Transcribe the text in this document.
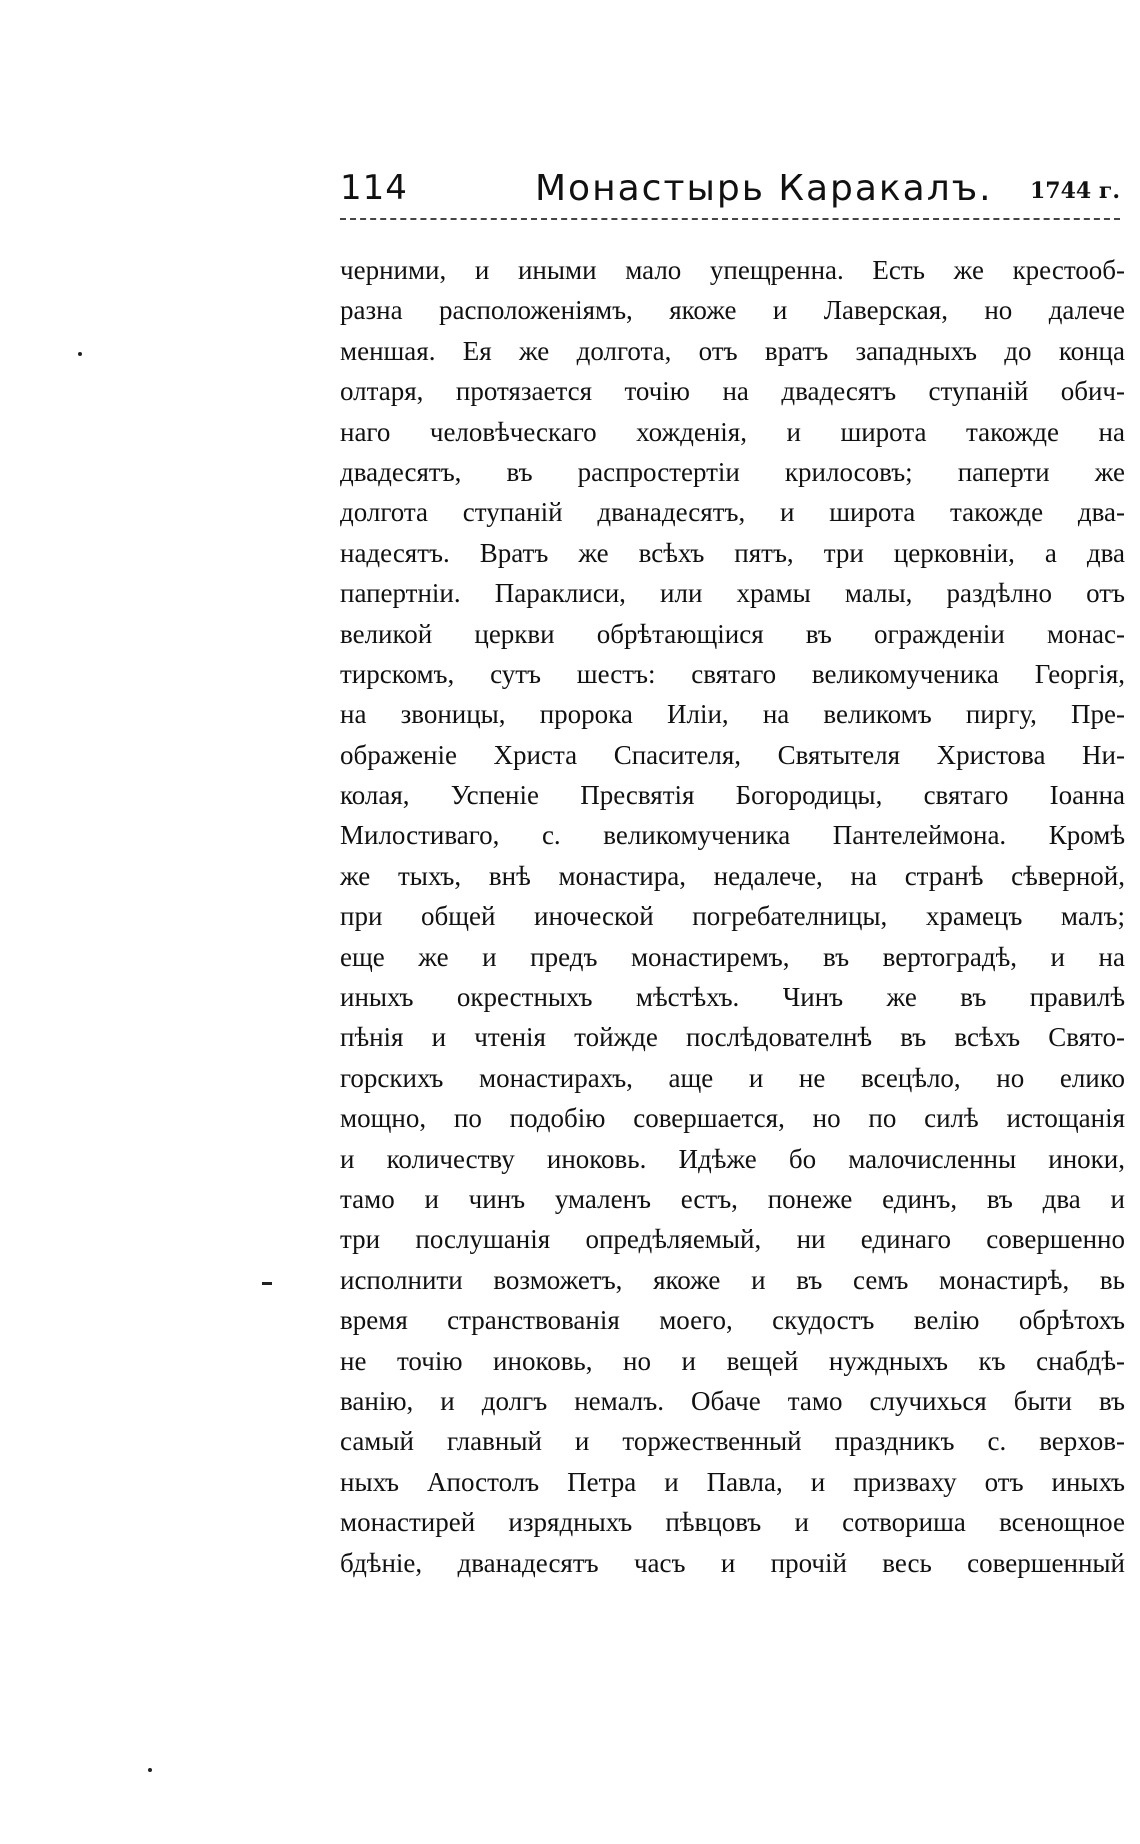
114	Монастырь Каракалъ. 1744 г.
черними, и иными мало упещренна. Есть же крестооб-
разна расположеніямъ, якоже и Лаверская, но далече
меншая. Ея же долгота, отъ вратъ западныхъ до конца
олтаря, протязается точію на двадесятъ ступаній обич-
наго человѣческаго хожденія, и широта такожде на
двадесятъ, въ распростертіи крилосовъ; паперти же
долгота ступаній дванадесятъ, и широта такожде два-
надесятъ. Вратъ же всѣхъ пятъ, три церковніи, а два
папертніи. Параклиси, или храмы малы, раздѣлно отъ
великой церкви обрѣтающіися въ огражденіи монас-
тирскомъ, сутъ шестъ: святаго великомученика Георгія,
на звоницы, пророка Иліи, на великомъ пиргу, Пре-
ображеніе Христа Спасителя, Святытеля Христова Ни-
колая, Успеніе Пресвятія Богородицы, святаго Іоанна
Милостиваго, с. великомученика Пантелеймона. Кромѣ
же тыхъ, внѣ монастира, недалече, на странѣ сѣверной,
при общей иноческой погребателницы, храмецъ малъ;
еще же и предъ монастиремъ, въ вертоградѣ, и на
иныхъ окрестныхъ мѣстѣхъ. Чинъ же въ правилѣ
пѣнія и чтенія тойжде послѣдователнѣ въ всѣхъ Свято-
горскихъ монастирахъ, аще и не всецѣло, но елико
мощно, по подобію совершается, но по силѣ истощанія
и количеству иноковь. Идѣже бо малочисленны иноки,
тамо и чинъ умаленъ естъ, понеже единъ, въ два и
три послушанія опредѣляемый, ни единаго совершенно
исполнити возможетъ, якоже и въ семъ монастирѣ, вь
время странствованія моего, скудостъ велію обрѣтохъ
не точію иноковь, но и вещей нуждныхъ къ снабдѣ-
ванію, и долгъ немалъ. Обаче тамо случихься быти въ
самый главный и торжественный праздникъ с. верхов-
ныхъ Апостолъ Петра и Павла, и призваху отъ иныхъ
монастирей изрядныхъ пѣвцовъ и сотвориша всенощное
бдѣніе, дванадесятъ часъ и прочій весь совершенный
